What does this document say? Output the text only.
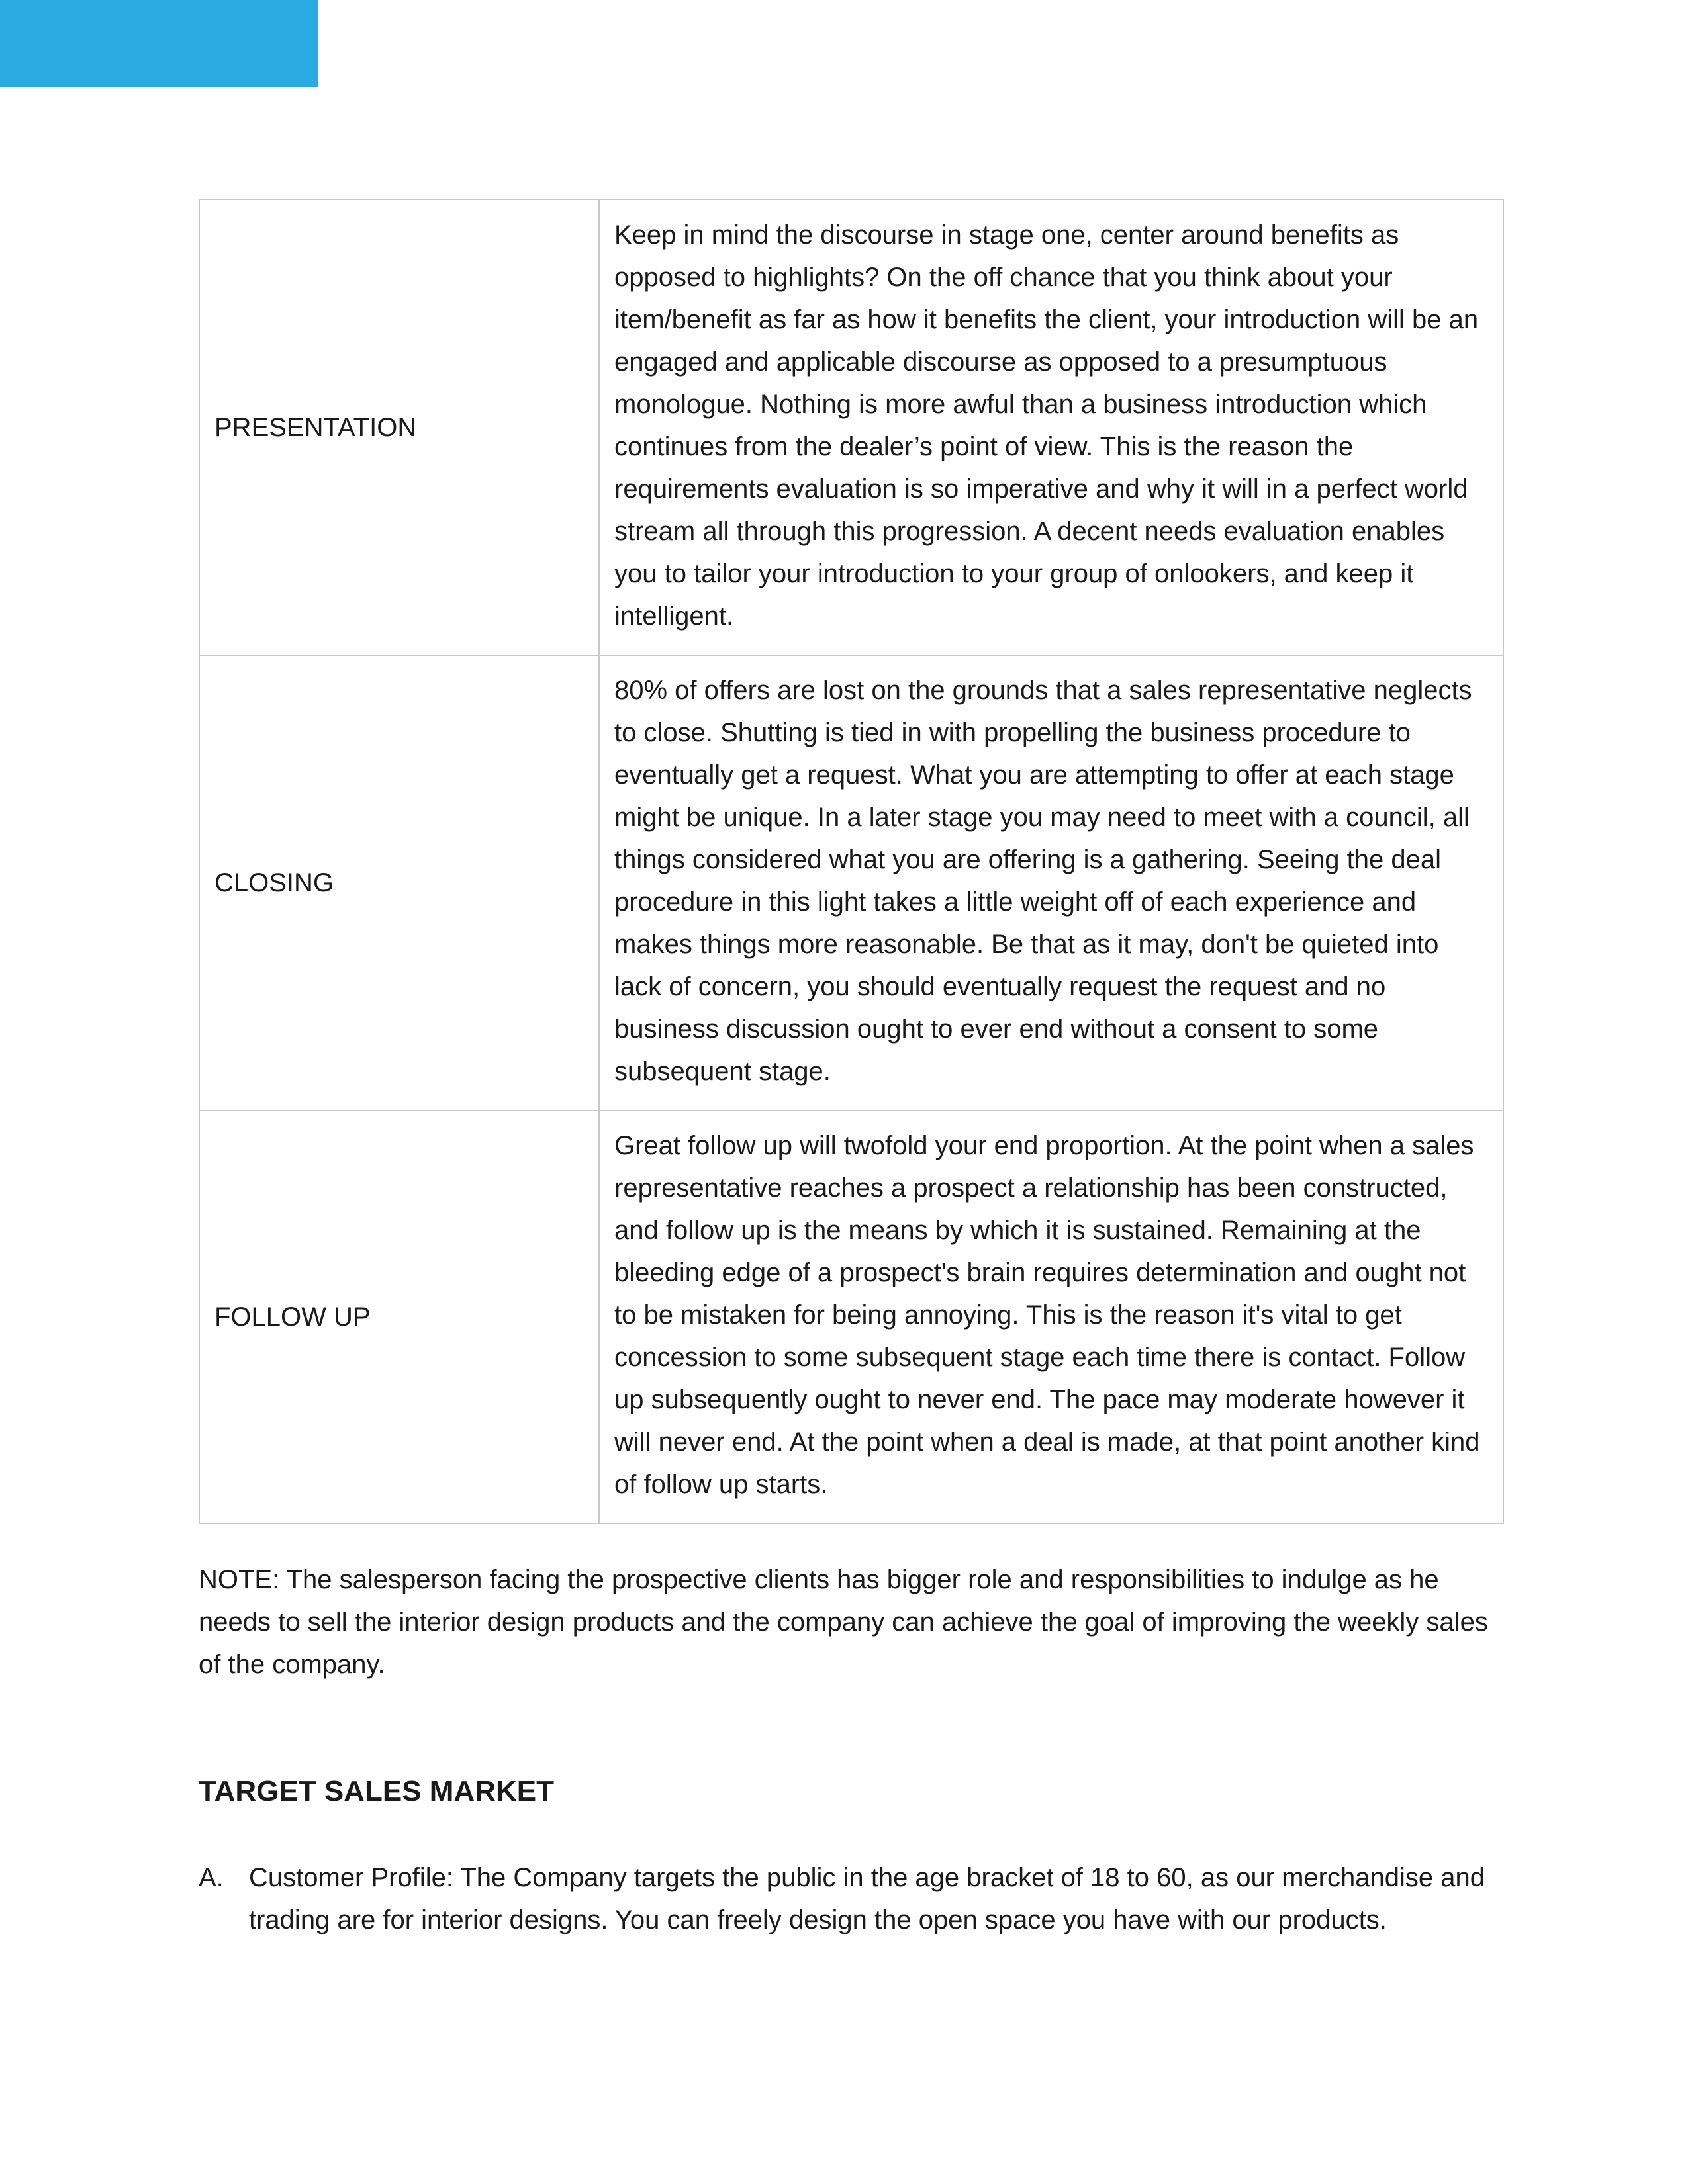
PRESENTATION	Keep in mind the discourse in stage one, center around benefits as opposed to highlights? On the off chance that you think about your item/benefit as far as how it benefits the client, your introduction will be an engaged and applicable discourse as opposed to a presumptuous monologue. Nothing is more awful than a business introduction which continues from the dealer’s point of view. This is the reason the requirements evaluation is so imperative and why it will in a perfect world stream all through this progression. A decent needs evaluation enables you to tailor your introduction to your group of onlookers, and keep it intelligent.
CLOSING	80% of offers are lost on the grounds that a sales representative neglects to close. Shutting is tied in with propelling the business procedure to eventually get a request. What you are attempting to offer at each stage might be unique. In a later stage you may need to meet with a council, all things considered what you are offering is a gathering. Seeing the deal procedure in this light takes a little weight off of each experience and makes things more reasonable. Be that as it may, don't be quieted into lack of concern, you should eventually request the request and no business discussion ought to ever end without a consent to some subsequent stage.
FOLLOW UP	Great follow up will twofold your end proportion. At the point when a sales representative reaches a prospect a relationship has been constructed, and follow up is the means by which it is sustained. Remaining at the bleeding edge of a prospect's brain requires determination and ought not to be mistaken for being annoying. This is the reason it's vital to get concession to some subsequent stage each time there is contact. Follow up subsequently ought to never end. The pace may moderate however it will never end. At the point when a deal is made, at that point another kind of follow up starts.
NOTE: The salesperson facing the prospective clients has bigger role and responsibilities to indulge as he needs to sell the interior design products and the company can achieve the goal of improving the weekly sales of the company.
TARGET SALES MARKET
A. Customer Profile: The Company targets the public in the age bracket of 18 to 60, as our merchandise and trading are for interior designs. You can freely design the open space you have with our products.
